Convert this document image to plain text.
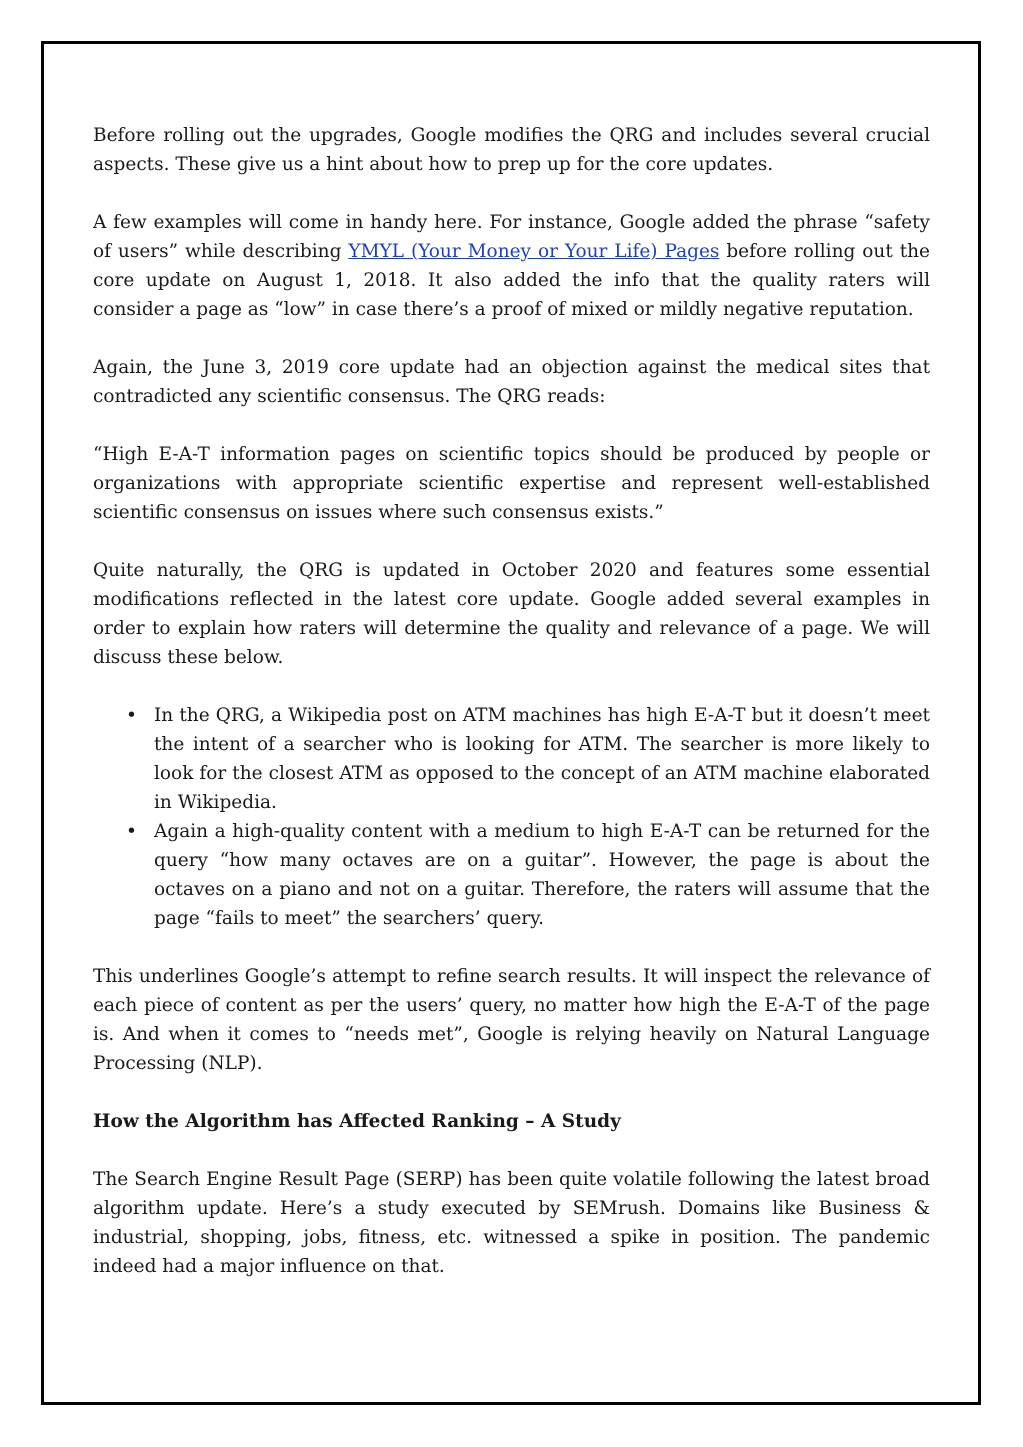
Before rolling out the upgrades, Google modifies the QRG and includes several crucial aspects. These give us a hint about how to prep up for the core updates.

A few examples will come in handy here. For instance, Google added the phrase “safety of users” while describing YMYL (Your Money or Your Life) Pages before rolling out the core update on August 1, 2018. It also added the info that the quality raters will consider a page as “low” in case there’s a proof of mixed or mildly negative reputation.

Again, the June 3, 2019 core update had an objection against the medical sites that contradicted any scientific consensus. The QRG reads:

“High E-A-T information pages on scientific topics should be produced by people or organizations with appropriate scientific expertise and represent well-established scientific consensus on issues where such consensus exists.”

Quite naturally, the QRG is updated in October 2020 and features some essential modifications reflected in the latest core update. Google added several examples in order to explain how raters will determine the quality and relevance of a page. We will discuss these below.

• In the QRG, a Wikipedia post on ATM machines has high E-A-T but it doesn’t meet the intent of a searcher who is looking for ATM. The searcher is more likely to look for the closest ATM as opposed to the concept of an ATM machine elaborated in Wikipedia.
• Again a high-quality content with a medium to high E-A-T can be returned for the query “how many octaves are on a guitar”. However, the page is about the octaves on a piano and not on a guitar. Therefore, the raters will assume that the page “fails to meet” the searchers’ query.

This underlines Google’s attempt to refine search results. It will inspect the relevance of each piece of content as per the users’ query, no matter how high the E-A-T of the page is. And when it comes to “needs met”, Google is relying heavily on Natural Language Processing (NLP).

How the Algorithm has Affected Ranking – A Study

The Search Engine Result Page (SERP) has been quite volatile following the latest broad algorithm update. Here’s a study executed by SEMrush. Domains like Business & industrial, shopping, jobs, fitness, etc. witnessed a spike in position. The pandemic indeed had a major influence on that.
